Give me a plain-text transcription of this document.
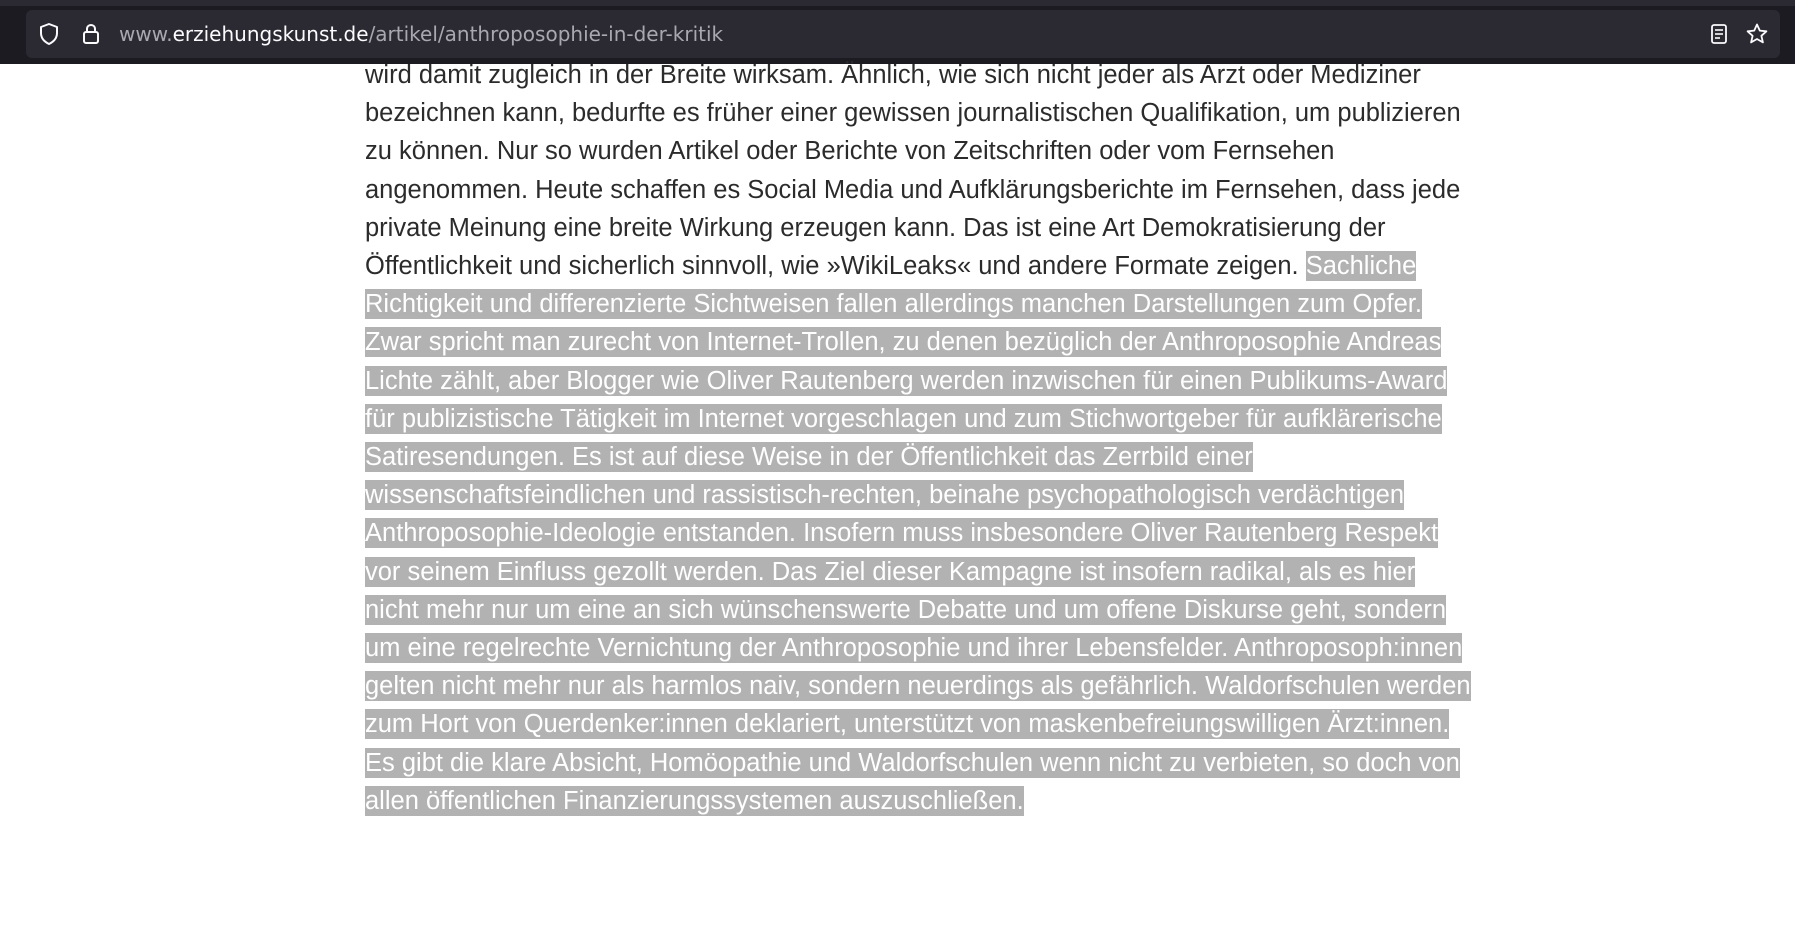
www.erziehungskunst.de/artikel/anthroposophie-in-der-kritik

wird damit zugleich in der Breite wirksam. Ähnlich, wie sich nicht jeder als Arzt oder Mediziner bezeichnen kann, bedurfte es früher einer gewissen journalistischen Qualifikation, um publizieren zu können. Nur so wurden Artikel oder Berichte von Zeitschriften oder vom Fernsehen angenommen. Heute schaffen es Social Media und Aufklärungsberichte im Fernsehen, dass jede private Meinung eine breite Wirkung erzeugen kann. Das ist eine Art Demokratisierung der Öffentlichkeit und sicherlich sinnvoll, wie »WikiLeaks« und andere Formate zeigen. Sachliche Richtigkeit und differenzierte Sichtweisen fallen allerdings manchen Darstellungen zum Opfer. Zwar spricht man zurecht von Internet-Trollen, zu denen bezüglich der Anthroposophie Andreas Lichte zählt, aber Blogger wie Oliver Rautenberg werden inzwischen für einen Publikums-Award für publizistische Tätigkeit im Internet vorgeschlagen und zum Stichwortgeber für aufklärerische Satiresendungen. Es ist auf diese Weise in der Öffentlichkeit das Zerrbild einer wissenschaftsfeindlichen und rassistisch-rechten, beinahe psychopathologisch verdächtigen Anthroposophie-Ideologie entstanden. Insofern muss insbesondere Oliver Rautenberg Respekt vor seinem Einfluss gezollt werden. Das Ziel dieser Kampagne ist insofern radikal, als es hier nicht mehr nur um eine an sich wünschenswerte Debatte und um offene Diskurse geht, sondern um eine regelrechte Vernichtung der Anthroposophie und ihrer Lebensfelder. Anthroposoph:innen gelten nicht mehr nur als harmlos naiv, sondern neuerdings als gefährlich. Waldorfschulen werden zum Hort von Querdenker:innen deklariert, unterstützt von maskenbefreiungswilligen Ärzt:innen. Es gibt die klare Absicht, Homöopathie und Waldorfschulen wenn nicht zu verbieten, so doch von allen öffentlichen Finanzierungssystemen auszuschließen.
